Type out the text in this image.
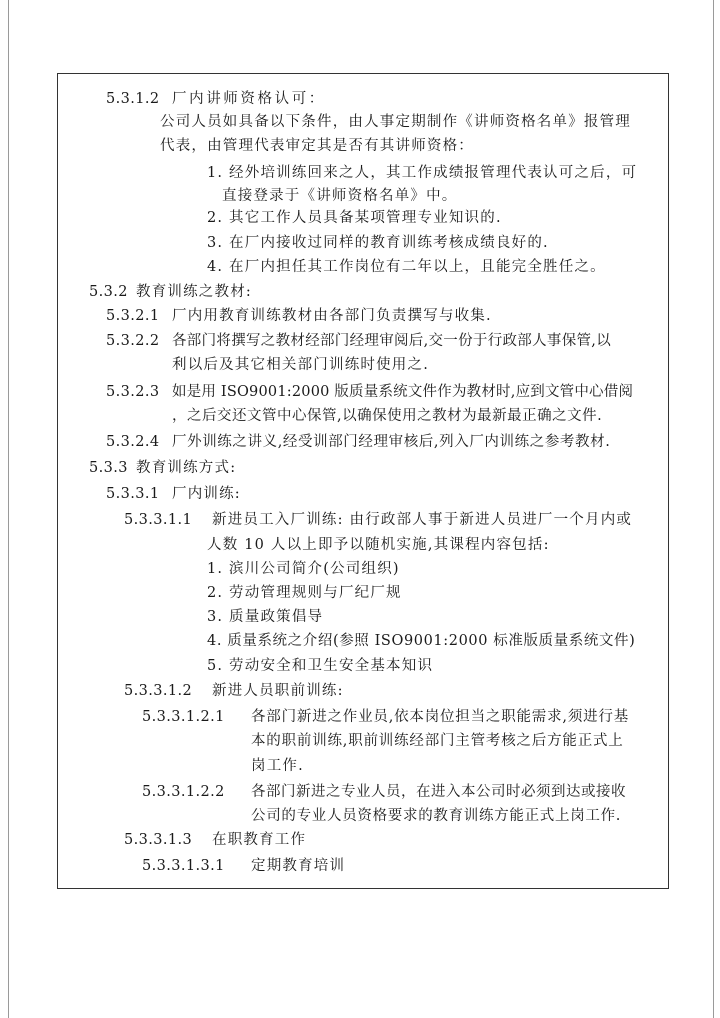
5.3.1.2 厂内讲师资格认可：
公司人员如具备以下条件，由人事定期制作《讲师资格名单》报管理
代表，由管理代表审定其是否有其讲师资格：
1. 经外培训练回来之人，其工作成绩报管理代表认可之后，可
直接登录于《讲师资格名单》中。
2. 其它工作人员具备某项管理专业知识的.
3. 在厂内接收过同样的教育训练考核成绩良好的.
4. 在厂内担任其工作岗位有二年以上，且能完全胜任之。
5.3.2 教育训练之教材:
5.3.2.1 厂内用教育训练教材由各部门负责撰写与收集.
5.3.2.2 各部门将撰写之教材经部门经理审阅后,交一份于行政部人事保管,以
利以后及其它相关部门训练时使用之.
5.3.2.3 如是用 ISO9001:2000 版质量系统文件作为教材时,应到文管中心借阅
，之后交还文管中心保管,以确保使用之教材为最新最正确之文件.
5.3.2.4 厂外训练之讲义,经受训部门经理审核后,列入厂内训练之参考教材.
5.3.3 教育训练方式:
5.3.3.1 厂内训练:
5.3.3.1.1 新进员工入厂训练: 由行政部人事于新进人员进厂一个月内或
人数 10 人以上即予以随机实施,其课程内容包括:
1. 滨川公司简介(公司组织)
2. 劳动管理规则与厂纪厂规
3. 质量政策倡导
4. 质量系统之介绍(参照 ISO9001:2000 标准版质量系统文件)
5. 劳动安全和卫生安全基本知识
5.3.3.1.2 新进人员职前训练:
5.3.3.1.2.1 各部门新进之作业员,依本岗位担当之职能需求,须进行基
本的职前训练,职前训练经部门主管考核之后方能正式上
岗工作.
5.3.3.1.2.2 各部门新进之专业人员，在进入本公司时必须到达或接收
公司的专业人员资格要求的教育训练方能正式上岗工作.
5.3.3.1.3 在职教育工作
5.3.3.1.3.1 定期教育培训
